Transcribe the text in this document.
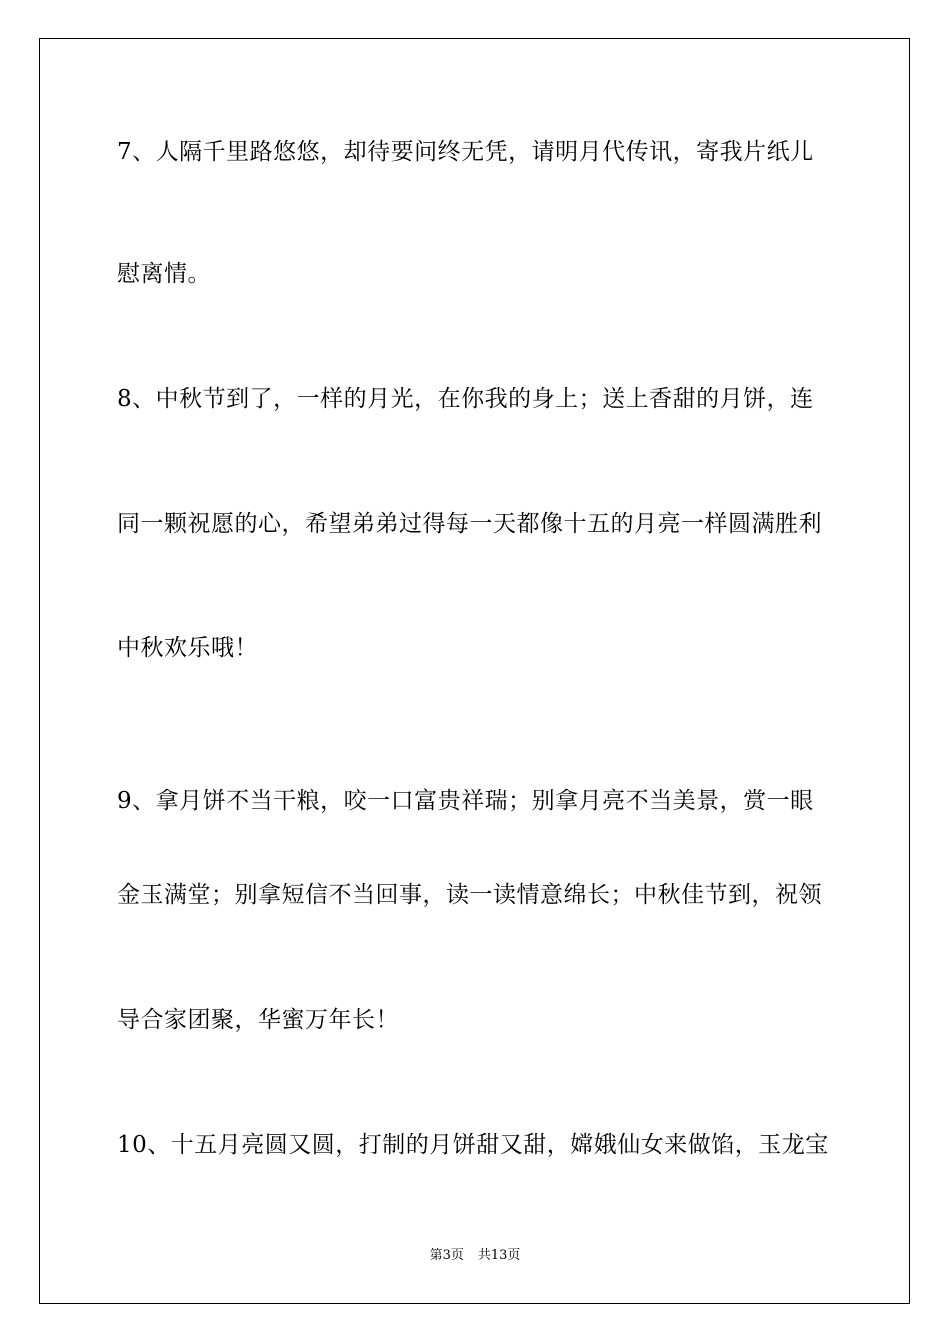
7、人隔千里路悠悠，却待要问终无凭，请明月代传讯，寄我片纸儿
慰离情。
8、中秋节到了，一样的月光，在你我的身上；送上香甜的月饼，连
同一颗祝愿的心，希望弟弟过得每一天都像十五的月亮一样圆满胜利
中秋欢乐哦！
9、拿月饼不当干粮，咬一口富贵祥瑞；别拿月亮不当美景，赏一眼
金玉满堂；别拿短信不当回事，读一读情意绵长；中秋佳节到，祝领
导合家团聚，华蜜万年长！
10、十五月亮圆又圆，打制的月饼甜又甜，嫦娥仙女来做馅，玉龙宝
第3页 共13页
